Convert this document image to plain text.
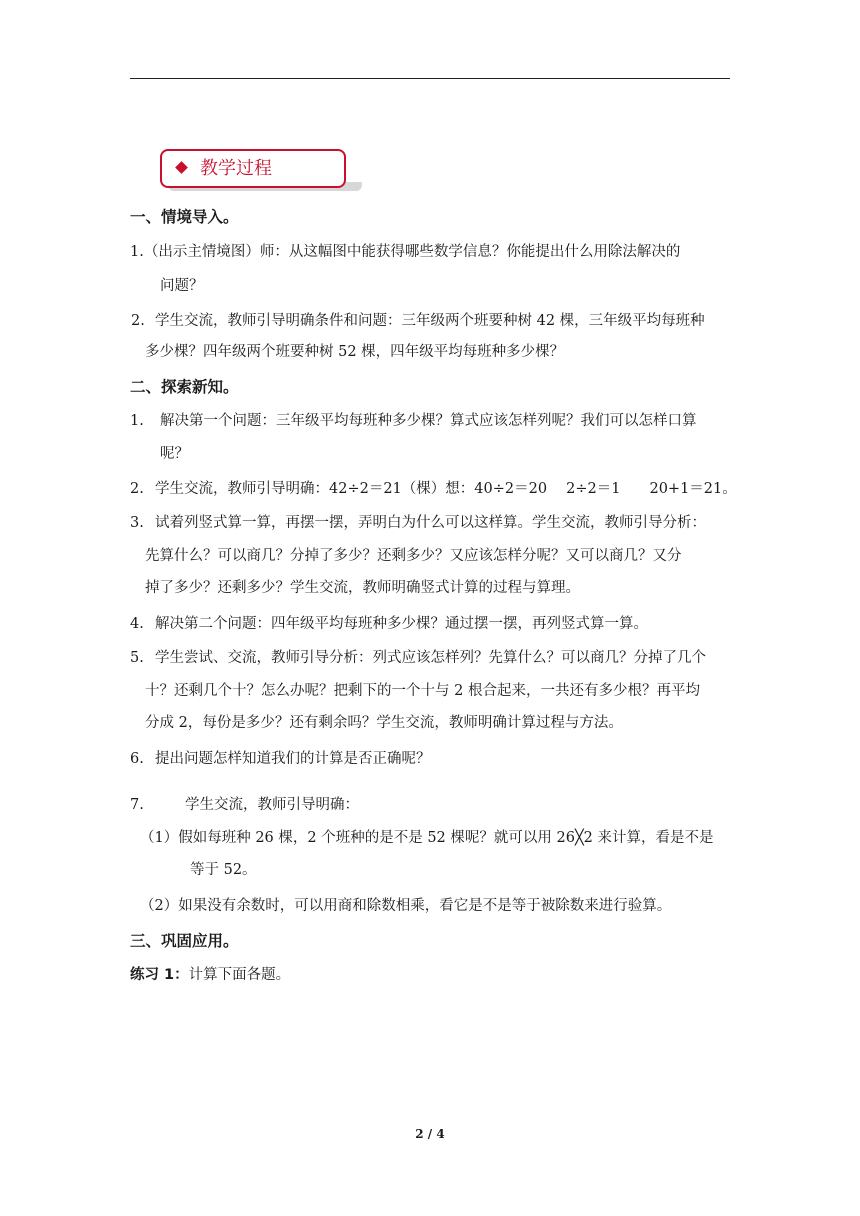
教学过程
一、情境导入。
1.（出示主情境图）师：从这幅图中能获得哪些数学信息？你能提出什么用除法解决的
问题？
2. 学生交流，教师引导明确条件和问题：三年级两个班要种树 42 棵，三年级平均每班种
多少棵？四年级两个班要种树 52 棵，四年级平均每班种多少棵？
二、探索新知。
1. 解决第一个问题：三年级平均每班种多少棵？算式应该怎样列呢？我们可以怎样口算
呢？
2. 学生交流，教师引导明确：42÷2＝21（棵）想：40÷2＝20　 2÷2＝1　　20+1＝21。
3. 试着列竖式算一算，再摆一摆，弄明白为什么可以这样算。学生交流，教师引导分析：
先算什么？可以商几？分掉了多少？还剩多少？又应该怎样分呢？又可以商几？又分
掉了多少？还剩多少？学生交流，教师明确竖式计算的过程与算理。
4. 解决第二个问题：四年级平均每班种多少棵？通过摆一摆，再列竖式算一算。
5. 学生尝试、交流，教师引导分析：列式应该怎样列？先算什么？可以商几？分掉了几个
十？还剩几个十？怎么办呢？把剩下的一个十与 2 根合起来，一共还有多少根？再平均
分成 2，每份是多少？还有剩余吗？学生交流，教师明确计算过程与方法。
6. 提出问题怎样知道我们的计算是否正确呢？
7.	学生交流，教师引导明确：
（1）假如每班种 26 棵，2 个班种的是不是 52 棵呢？就可以用 26╳2 来计算，看是不是
等于 52。
（2）如果没有余数时，可以用商和除数相乘，看它是不是等于被除数来进行验算。
三、巩固应用。
练习 1：计算下面各题。
2 / 4
